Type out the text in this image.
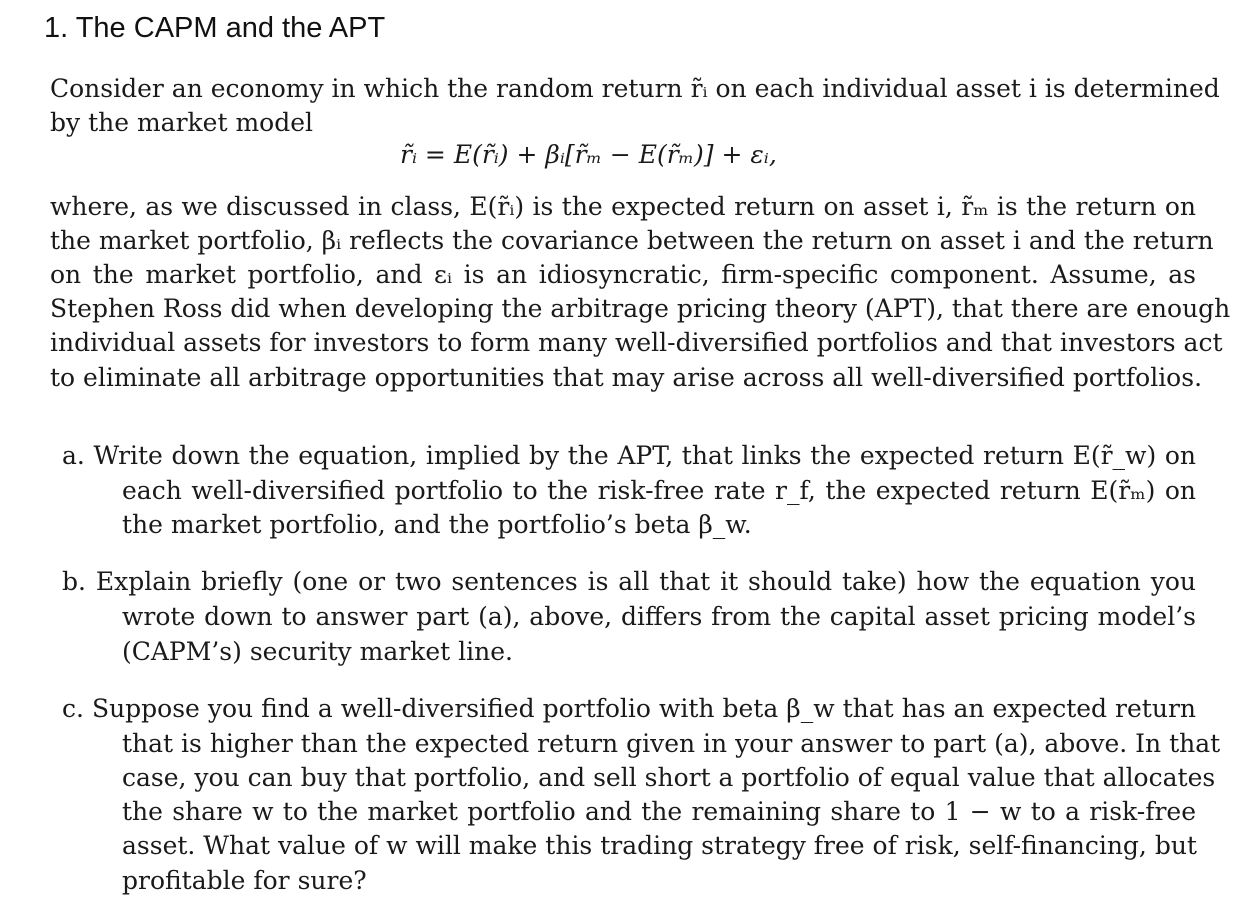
1. The CAPM and the APT
Consider an economy in which the random return r̃ᵢ on each individual asset i is determined
by the market model
r̃ᵢ = E(r̃ᵢ) + βᵢ[r̃ₘ − E(r̃ₘ)] + εᵢ,
where, as we discussed in class, E(r̃ᵢ) is the expected return on asset i, r̃ₘ is the return on
the market portfolio, βᵢ reflects the covariance between the return on asset i and the return
on the market portfolio, and εᵢ is an idiosyncratic, firm-specific component. Assume, as
Stephen Ross did when developing the arbitrage pricing theory (APT), that there are enough
individual assets for investors to form many well-diversified portfolios and that investors act
to eliminate all arbitrage opportunities that may arise across all well-diversified portfolios.
a. Write down the equation, implied by the APT, that links the expected return E(r̃_w) on
each well-diversified portfolio to the risk-free rate r_f, the expected return E(r̃ₘ) on
the market portfolio, and the portfolio’s beta β_w.
b. Explain briefly (one or two sentences is all that it should take) how the equation you
wrote down to answer part (a), above, differs from the capital asset pricing model’s
(CAPM’s) security market line.
c. Suppose you find a well-diversified portfolio with beta β_w that has an expected return
that is higher than the expected return given in your answer to part (a), above. In that
case, you can buy that portfolio, and sell short a portfolio of equal value that allocates
the share w to the market portfolio and the remaining share to 1 − w to a risk-free
asset. What value of w will make this trading strategy free of risk, self-financing, but
profitable for sure?
